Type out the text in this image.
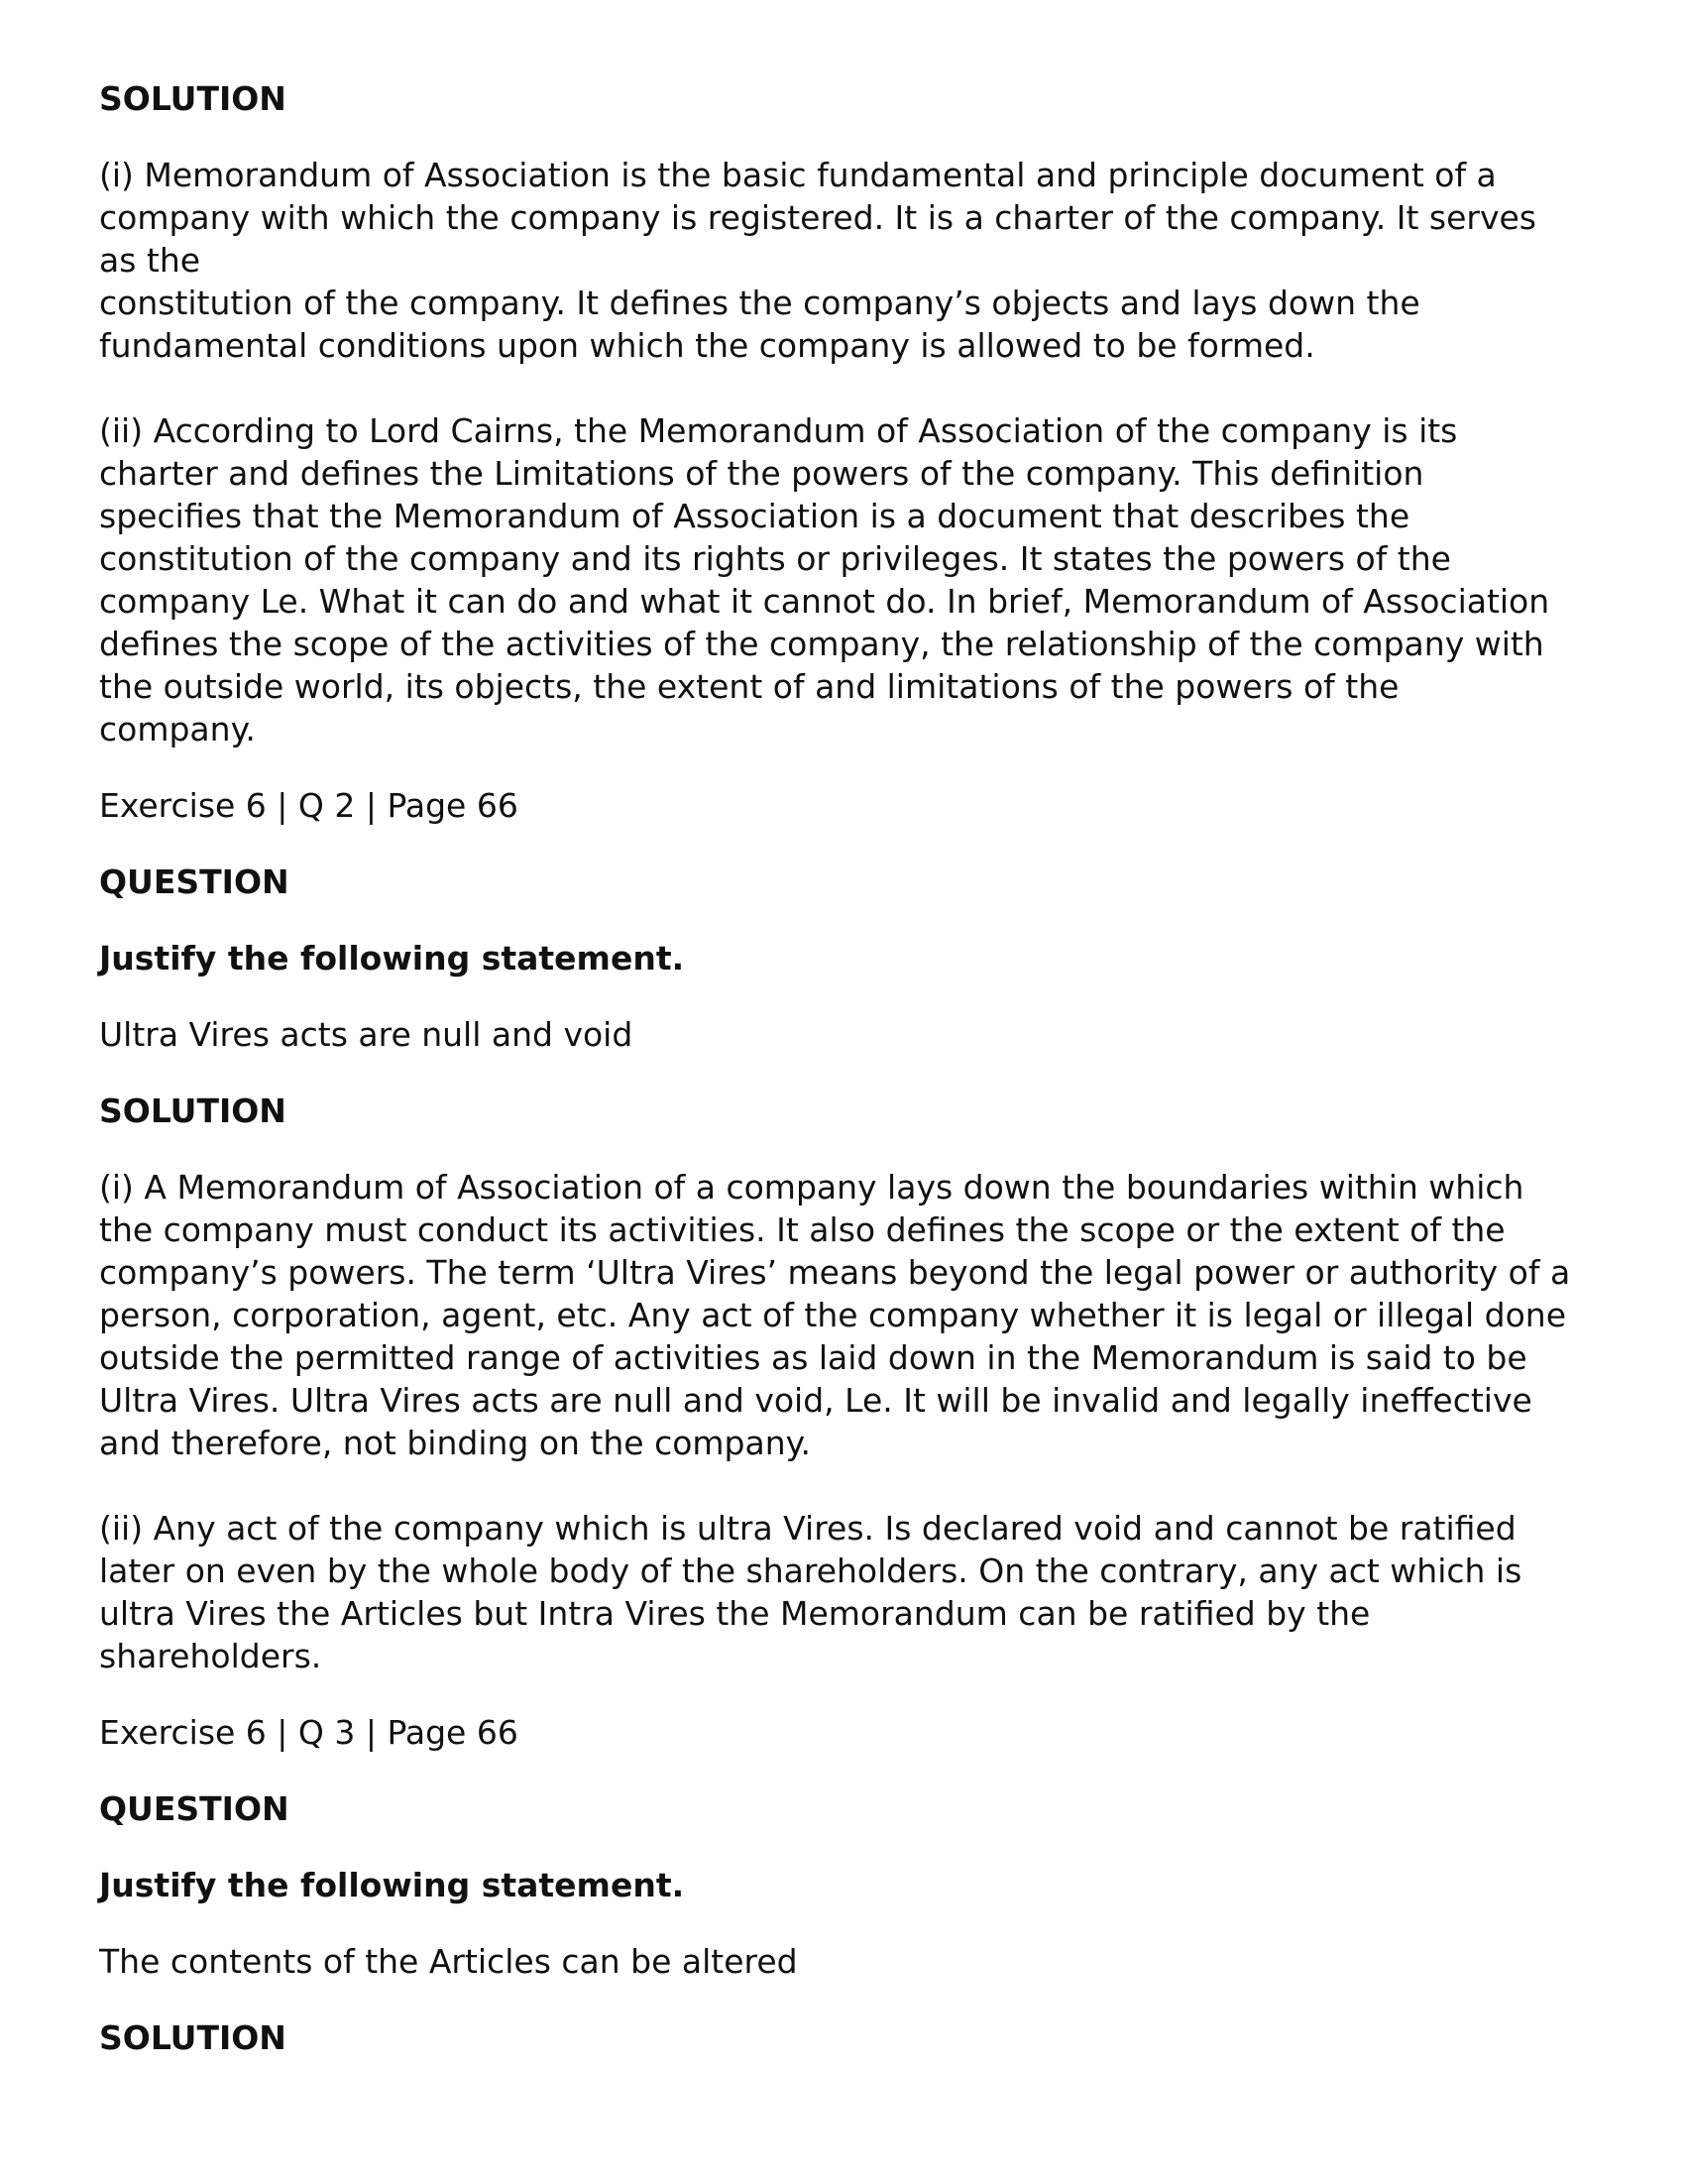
SOLUTION
(i) Memorandum of Association is the basic fundamental and principle document of a
company with which the company is registered. It is a charter of the company. It serves
as the
constitution of the company. It defines the company’s objects and lays down the
fundamental conditions upon which the company is allowed to be formed.
(ii) According to Lord Cairns, the Memorandum of Association of the company is its
charter and defines the Limitations of the powers of the company. This definition
specifies that the Memorandum of Association is a document that describes the
constitution of the company and its rights or privileges. It states the powers of the
company Le. What it can do and what it cannot do. In brief, Memorandum of Association
defines the scope of the activities of the company, the relationship of the company with
the outside world, its objects, the extent of and limitations of the powers of the
company.
Exercise 6 | Q 2 | Page 66
QUESTION
Justify the following statement.
Ultra Vires acts are null and void
SOLUTION
(i) A Memorandum of Association of a company lays down the boundaries within which
the company must conduct its activities. It also defines the scope or the extent of the
company’s powers. The term ‘Ultra Vires’ means beyond the legal power or authority of a
person, corporation, agent, etc. Any act of the company whether it is legal or illegal done
outside the permitted range of activities as laid down in the Memorandum is said to be
Ultra Vires. Ultra Vires acts are null and void, Le. It will be invalid and legally ineffective
and therefore, not binding on the company.
(ii) Any act of the company which is ultra Vires. Is declared void and cannot be ratified
later on even by the whole body of the shareholders. On the contrary, any act which is
ultra Vires the Articles but Intra Vires the Memorandum can be ratified by the
shareholders.
Exercise 6 | Q 3 | Page 66
QUESTION
Justify the following statement.
The contents of the Articles can be altered
SOLUTION
